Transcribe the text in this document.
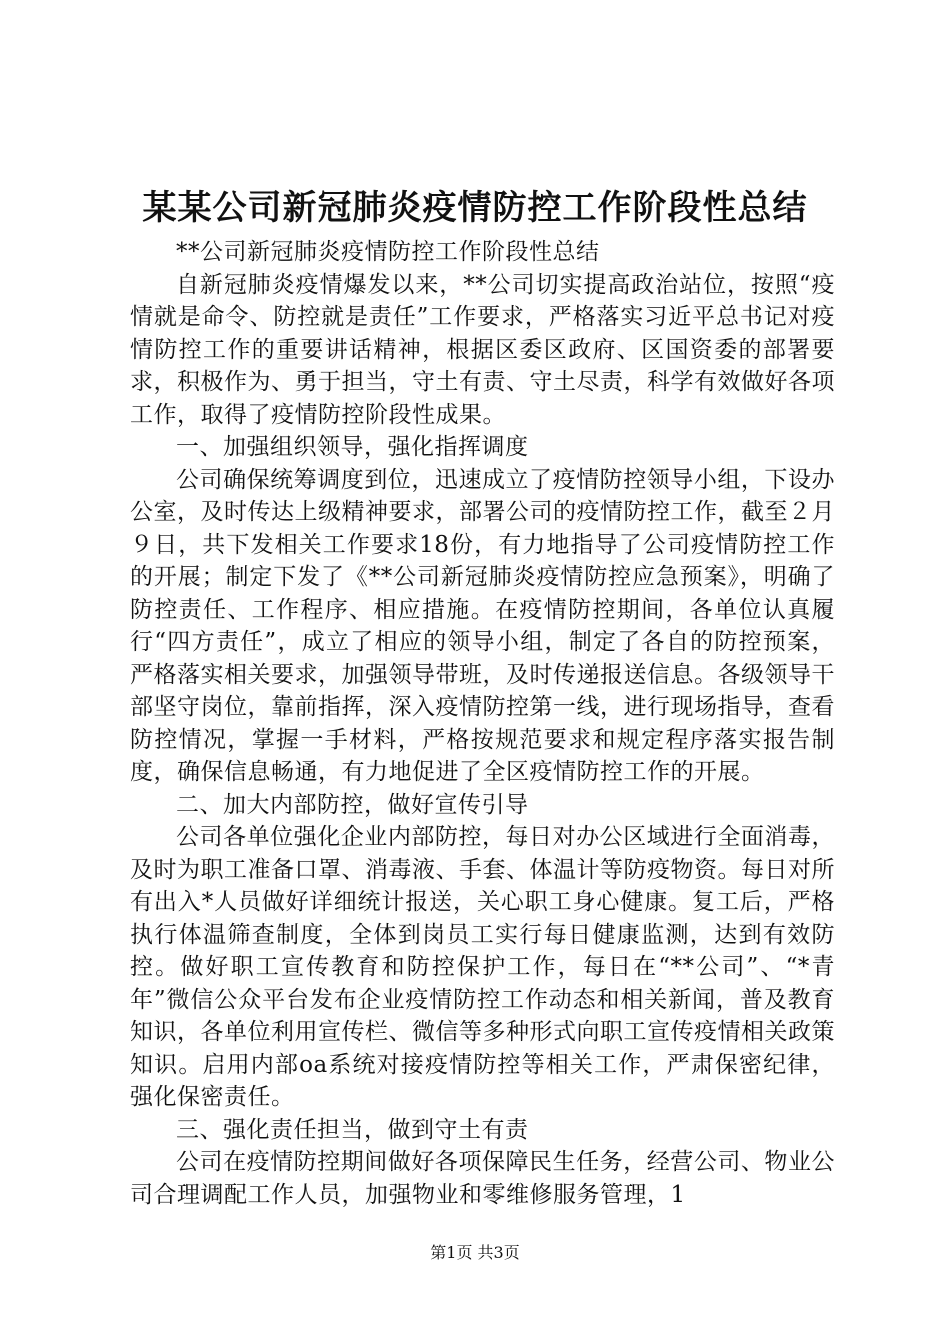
某某公司新冠肺炎疫情防控工作阶段性总结

**公司新冠肺炎疫情防控工作阶段性总结

自新冠肺炎疫情爆发以来，**公司切实提高政治站位，按照“疫情就是命令、防控就是责任”工作要求，严格落实习近平总书记对疫情防控工作的重要讲话精神，根据区委区政府、区国资委的部署要求，积极作为、勇于担当，守土有责、守土尽责，科学有效做好各项工作，取得了疫情防控阶段性成果。

一、加强组织领导，强化指挥调度

公司确保统筹调度到位，迅速成立了疫情防控领导小组，下设办公室，及时传达上级精神要求，部署公司的疫情防控工作，截至２月９日，共下发相关工作要求18份，有力地指导了公司疫情防控工作的开展；制定下发了《**公司新冠肺炎疫情防控应急预案》，明确了防控责任、工作程序、相应措施。在疫情防控期间，各单位认真履行“四方责任”，成立了相应的领导小组，制定了各自的防控预案，严格落实相关要求，加强领导带班，及时传递报送信息。各级领导干部坚守岗位，靠前指挥，深入疫情防控第一线，进行现场指导，查看防控情况，掌握一手材料，严格按规范要求和规定程序落实报告制度，确保信息畅通，有力地促进了全区疫情防控工作的开展。

二、加大内部防控，做好宣传引导

公司各单位强化企业内部防控，每日对办公区域进行全面消毒，及时为职工准备口罩、消毒液、手套、体温计等防疫物资。每日对所有出入*人员做好详细统计报送，关心职工身心健康。复工后，严格执行体温筛查制度，全体到岗员工实行每日健康监测，达到有效防控。做好职工宣传教育和防控保护工作，每日在“**公司”、“*青年”微信公众平台发布企业疫情防控工作动态和相关新闻，普及教育知识，各单位利用宣传栏、微信等多种形式向职工宣传疫情相关政策知识。启用内部oa系统对接疫情防控等相关工作，严肃保密纪律，强化保密责任。

三、强化责任担当，做到守土有责

公司在疫情防控期间做好各项保障民生任务，经营公司、物业公司合理调配工作人员，加强物业和零维修服务管理，1

第1页 共3页
